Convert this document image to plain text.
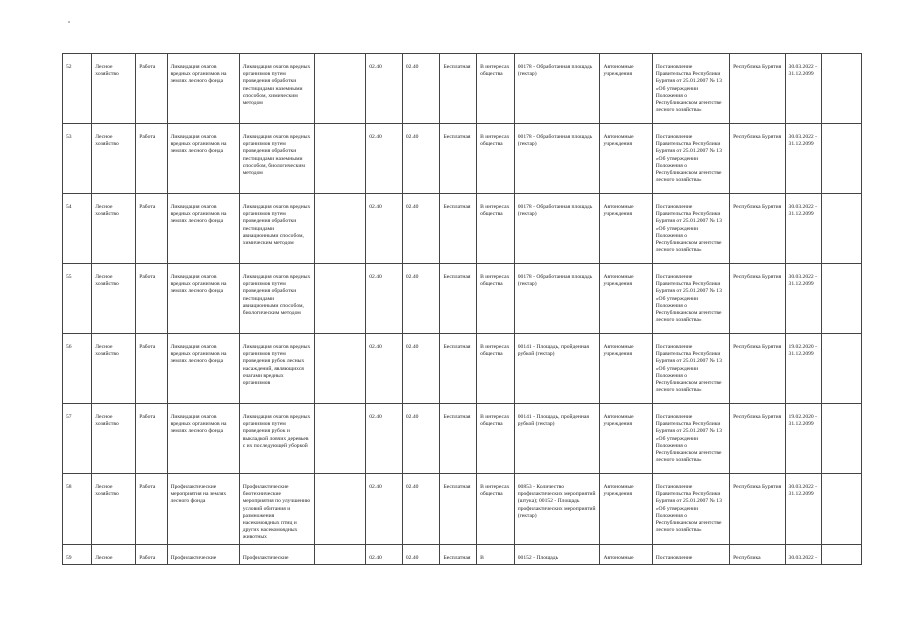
52	Лесное хозяйство	Работа	Ликвидация очагов вредных организмов на землях лесного фонда	Ликвидация очагов вредных организмов путем проведения обработки пестицидами наземными способом, химическим методом		02.40	02.40	Бесплатная	В интересах общества	00178 - Обработанная площадь (гектар)	Автономные учреждения	Постановление Правительства Республики Бурятия от 25.01.2007 № 13 «Об утверждении Положения о Республиканском агентстве лесного хозяйства»	Республика Бурятия	30.03.2022 - 31.12.2099	
53	Лесное хозяйство	Работа	Ликвидация очагов вредных организмов на землях лесного фонда	Ликвидация очагов вредных организмов путем проведения обработки пестицидами наземными способом, биологическим методом		02.40	02.40	Бесплатная	В интересах общества	00178 - Обработанная площадь (гектар)	Автономные учреждения	Постановление Правительства Республики Бурятия от 25.01.2007 № 13 «Об утверждении Положения о Республиканском агентстве лесного хозяйства»	Республика Бурятия	30.03.2022 - 31.12.2099	
54	Лесное хозяйство	Работа	Ликвидация очагов вредных организмов на землях лесного фонда	Ликвидация очагов вредных организмов путем проведения обработки пестицидами авиационными способом, химическим методом		02.40	02.40	Бесплатная	В интересах общества	00178 - Обработанная площадь (гектар)	Автономные учреждения	Постановление Правительства Республики Бурятия от 25.01.2007 № 13 «Об утверждении Положения о Республиканском агентстве лесного хозяйства»	Республика Бурятия	30.03.2022 - 31.12.2099	
55	Лесное хозяйство	Работа	Ликвидация очагов вредных организмов на землях лесного фонда	Ликвидация очагов вредных организмов путем проведения обработки пестицидами авиационными способом, биологическим методом		02.40	02.40	Бесплатная	В интересах общества	00178 - Обработанная площадь (гектар)	Автономные учреждения	Постановление Правительства Республики Бурятия от 25.01.2007 № 13 «Об утверждении Положения о Республиканском агентстве лесного хозяйства»	Республика Бурятия	30.03.2022 - 31.12.2099	
56	Лесное хозяйство	Работа	Ликвидация очагов вредных организмов на землях лесного фонда	Ликвидация очагов вредных организмов путем проведения рубок лесных насаждений, являющихся очагами вредных организмов		02.40	02.40	Бесплатная	В интересах общества	00141 - Площадь, пройденная рубкой (гектар)	Автономные учреждения	Постановление Правительства Республики Бурятия от 25.01.2007 № 13 «Об утверждении Положения о Республиканском агентстве лесного хозяйства»	Республика Бурятия	19.02.2020 - 31.12.2099	
57	Лесное хозяйство	Работа	Ликвидация очагов вредных организмов на землях лесного фонда	Ликвидация очагов вредных организмов путем проведения рубок и выкладкой ловчих деревьев с их последующей уборкой		02.40	02.40	Бесплатная	В интересах общества	00141 - Площадь, пройденная рубкой (гектар)	Автономные учреждения	Постановление Правительства Республики Бурятия от 25.01.2007 № 13 «Об утверждении Положения о Республиканском агентстве лесного хозяйства»	Республика Бурятия	19.02.2020 - 31.12.2099	
58	Лесное хозяйство	Работа	Профилактические мероприятия на землях лесного фонда	Профилактические биотехнические мероприятия по улучшению условий обитания и размножения насекомоядных птиц и других насекомоядных животных		02.40	02.40	Бесплатная	В интересах общества	00853 - Количество профилактических мероприятий (штука); 00152 - Площадь профилактических мероприятий (гектар)	Автономные учреждения	Постановление Правительства Республики Бурятия от 25.01.2007 № 13 «Об утверждении Положения о Республиканском агентстве лесного хозяйства»	Республика Бурятия	30.03.2022 - 31.12.2099	
59	Лесное	Работа	Профилактические	Профилактические		02.40	02.40	Бесплатная	В	00152 - Площадь	Автономные	Постановление	Республика	30.03.2022 -	
